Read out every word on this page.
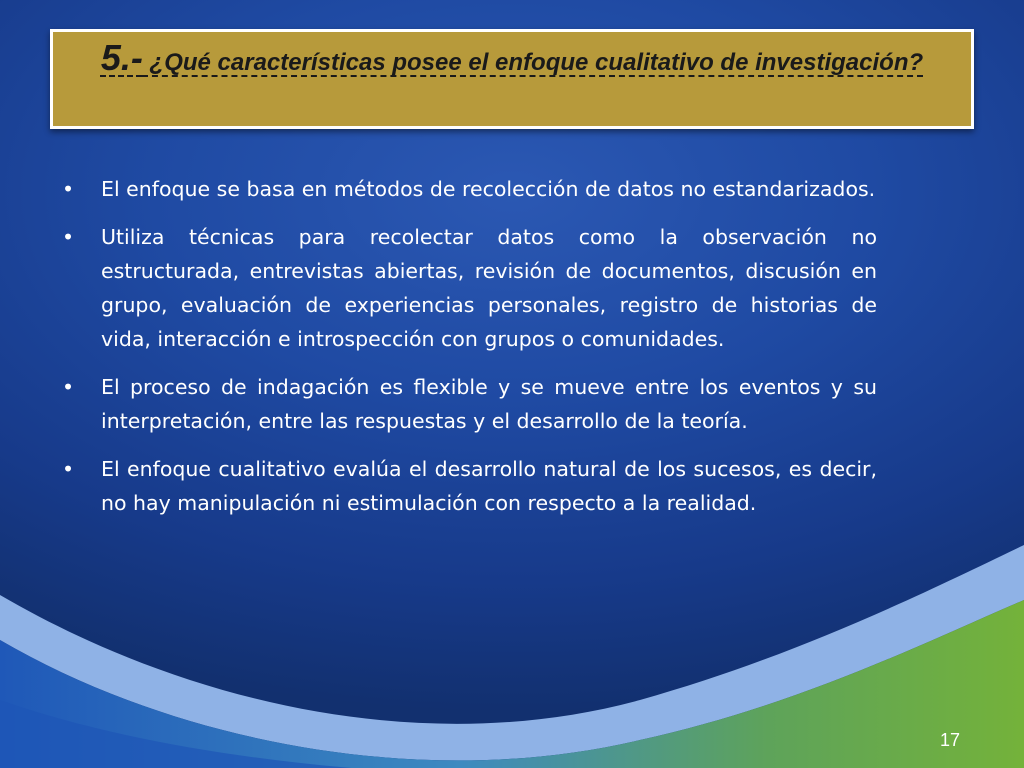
5.- ¿Qué características posee el enfoque cualitativo de investigación?
•	El enfoque se basa en métodos de recolección de datos no estandarizados.
•	Utiliza técnicas para recolectar datos como la observación no estructurada, entrevistas abiertas, revisión de documentos, discusión en grupo, evaluación de experiencias personales, registro de historias de vida, interacción e introspección con grupos o comunidades.
•	El proceso de indagación es flexible y se mueve entre los eventos y su interpretación, entre las respuestas y el desarrollo de la teoría.
•	El enfoque cualitativo evalúa el desarrollo natural de los sucesos, es decir, no hay manipulación ni estimulación con respecto a la realidad.
17
